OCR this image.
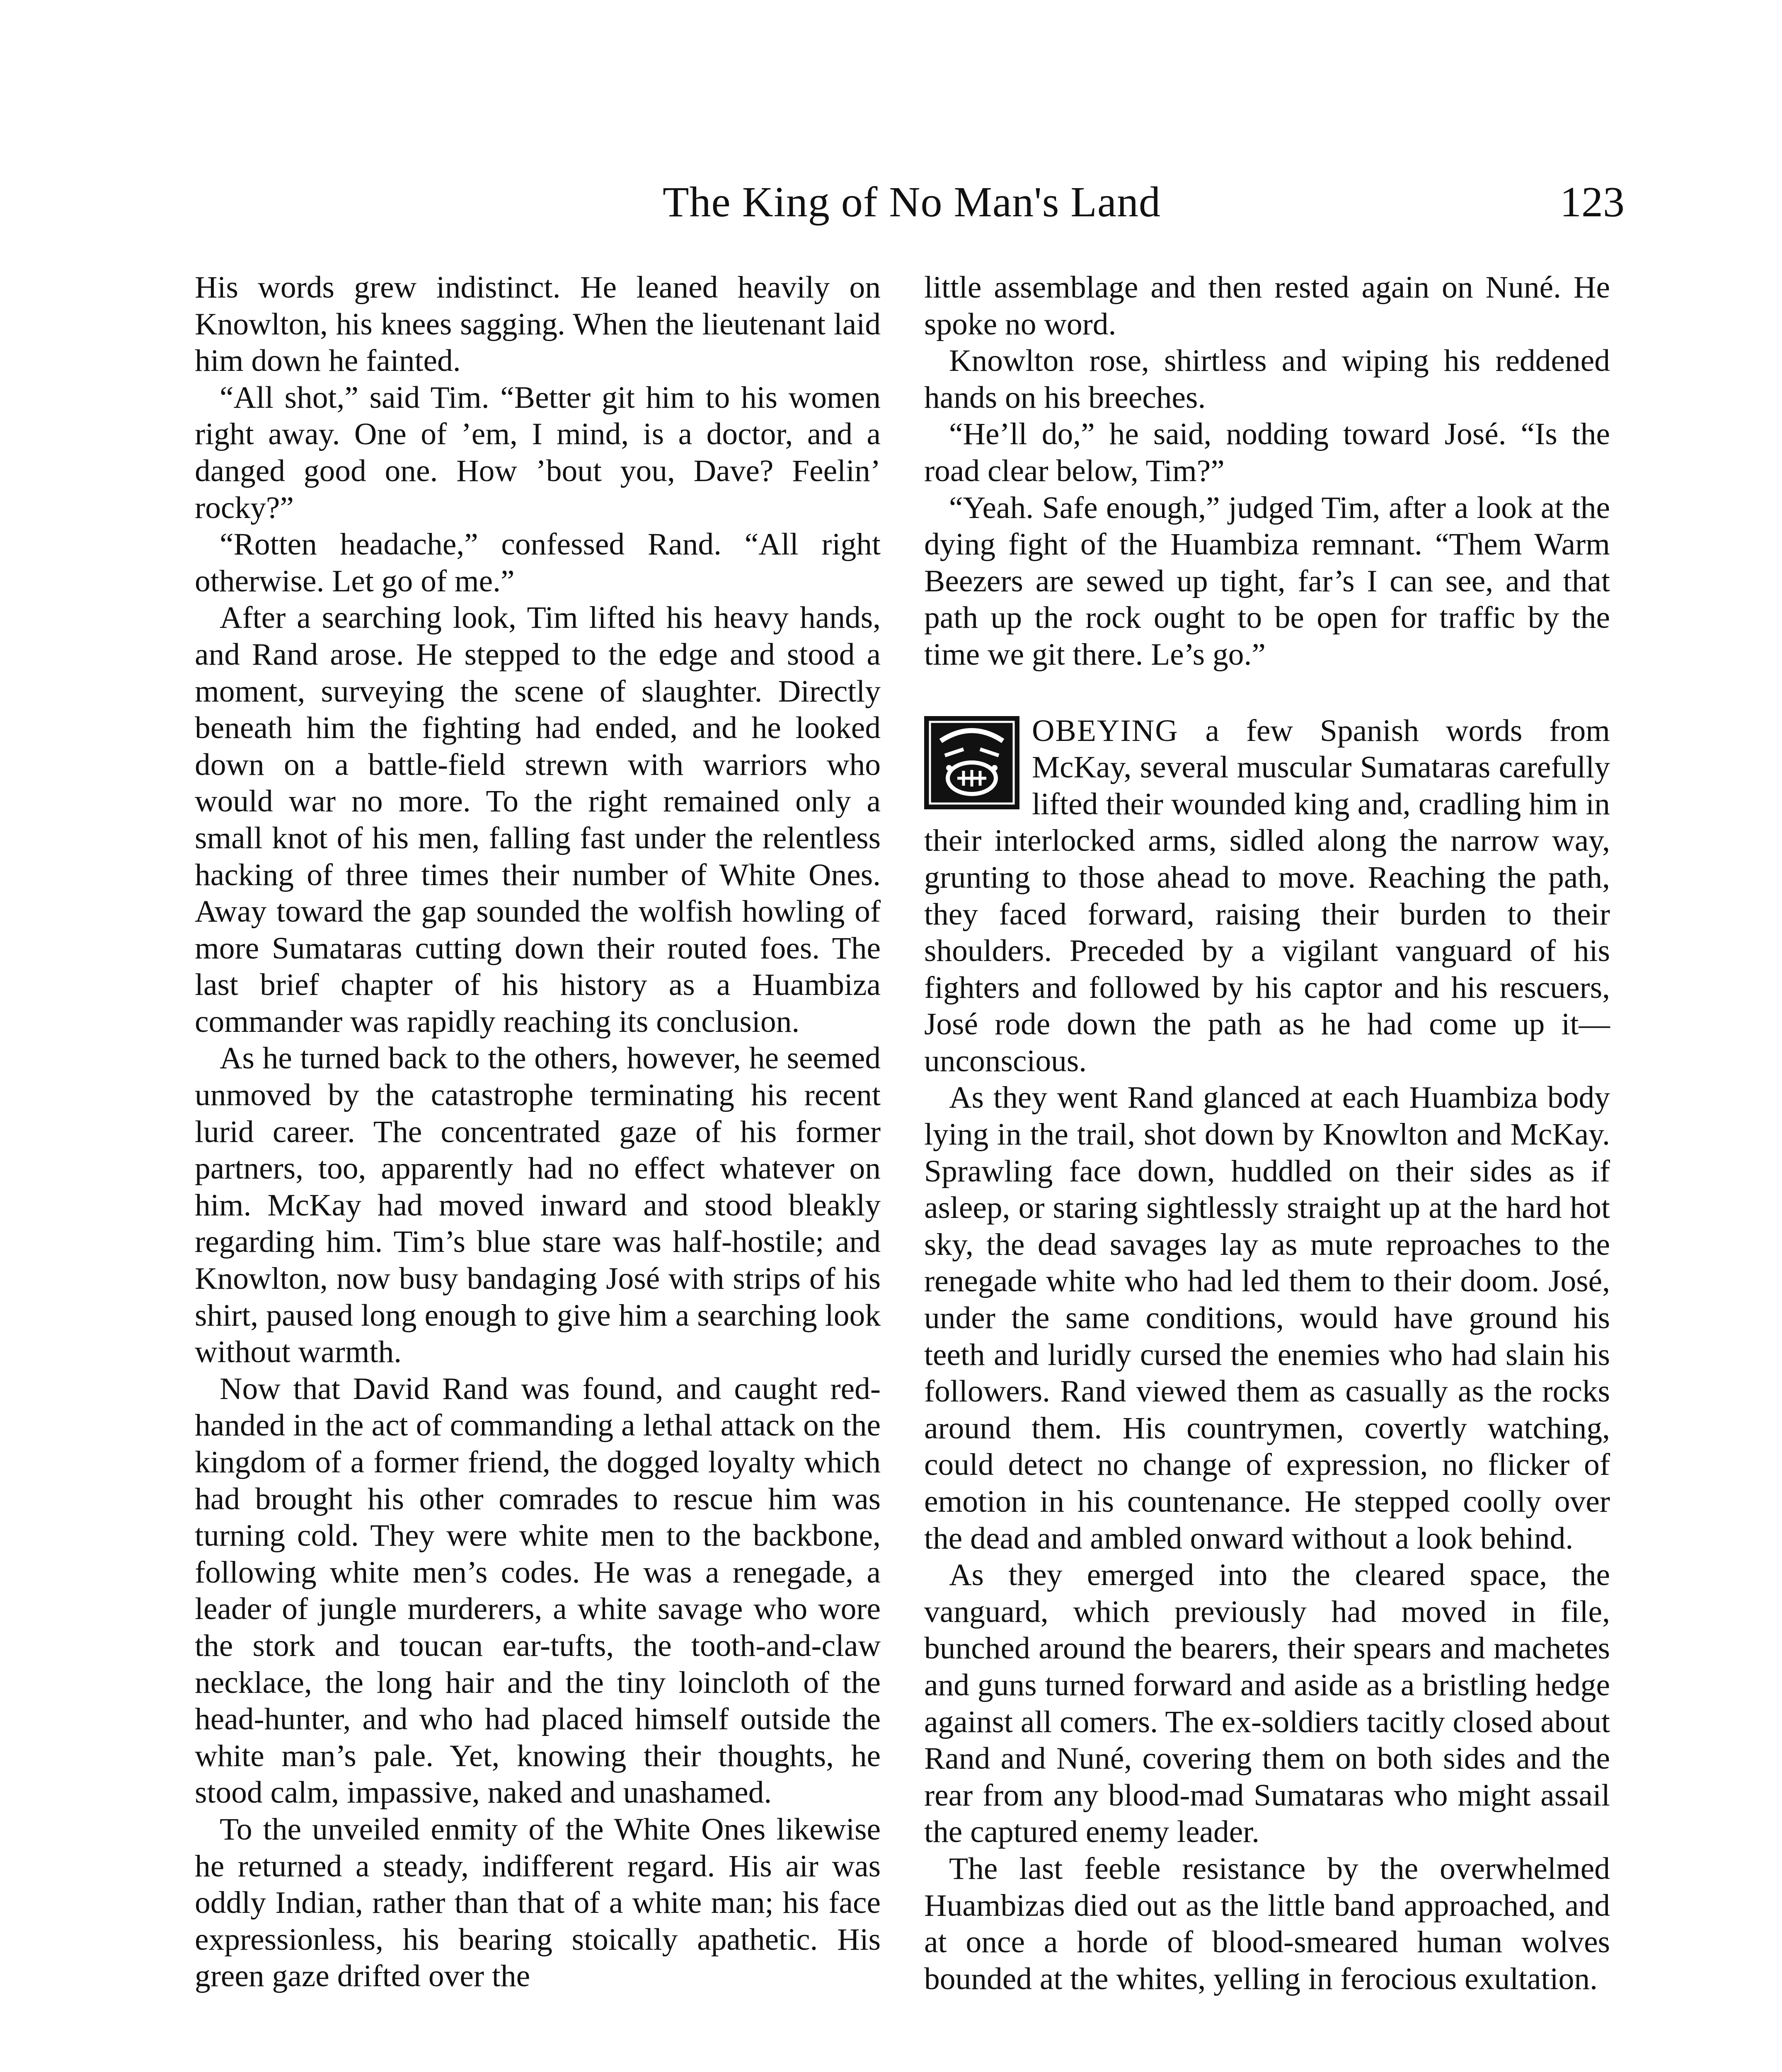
The King of No Man's Land	123

His words grew indistinct. He leaned heavily on Knowlton, his knees sagging. When the lieutenant laid him down he fainted.

“All shot,” said Tim. “Better git him to his women right away. One of ’em, I mind, is a doctor, and a danged good one. How ’bout you, Dave? Feelin’ rocky?”

“Rotten headache,” confessed Rand. “All right otherwise. Let go of me.”

After a searching look, Tim lifted his heavy hands, and Rand arose. He stepped to the edge and stood a moment, surveying the scene of slaughter. Directly beneath him the fighting had ended, and he looked down on a battle-field strewn with warriors who would war no more. To the right remained only a small knot of his men, falling fast under the relentless hacking of three times their number of White Ones. Away toward the gap sounded the wolfish howling of more Sumataras cutting down their routed foes. The last brief chapter of his history as a Huambiza commander was rapidly reaching its conclusion.

As he turned back to the others, however, he seemed unmoved by the catastrophe terminating his recent lurid career. The concentrated gaze of his former partners, too, apparently had no effect whatever on him. McKay had moved inward and stood bleakly regarding him. Tim’s blue stare was half-hostile; and Knowlton, now busy bandaging José with strips of his shirt, paused long enough to give him a searching look without warmth.

Now that David Rand was found, and caught red-handed in the act of commanding a lethal attack on the kingdom of a former friend, the dogged loyalty which had brought his other comrades to rescue him was turning cold. They were white men to the backbone, following white men’s codes. He was a renegade, a leader of jungle murderers, a white savage who wore the stork and toucan ear-tufts, the tooth-and-claw necklace, the long hair and the tiny loincloth of the head-hunter, and who had placed himself outside the white man’s pale. Yet, knowing their thoughts, he stood calm, impassive, naked and unashamed.

To the unveiled enmity of the White Ones likewise he returned a steady, indifferent regard. His air was oddly Indian, rather than that of a white man; his face expressionless, his bearing stoically apathetic. His green gaze drifted over the

little assemblage and then rested again on Nuné. He spoke no word.

Knowlton rose, shirtless and wiping his reddened hands on his breeches.

“He’ll do,” he said, nodding toward José. “Is the road clear below, Tim?”

“Yeah. Safe enough,” judged Tim, after a look at the dying fight of the Huambiza remnant. “Them Warm Beezers are sewed up tight, far’s I can see, and that path up the rock ought to be open for traffic by the time we git there. Le’s go.”

OBEYING a few Spanish words from McKay, several muscular Sumataras carefully lifted their wounded king and, cradling him in their interlocked arms, sidled along the narrow way, grunting to those ahead to move. Reaching the path, they faced forward, raising their burden to their shoulders. Preceded by a vigilant vanguard of his fighters and followed by his captor and his rescuers, José rode down the path as he had come up it—unconscious.

As they went Rand glanced at each Huambiza body lying in the trail, shot down by Knowlton and McKay. Sprawling face down, huddled on their sides as if asleep, or staring sightlessly straight up at the hard hot sky, the dead savages lay as mute reproaches to the renegade white who had led them to their doom. José, under the same conditions, would have ground his teeth and luridly cursed the enemies who had slain his followers. Rand viewed them as casually as the rocks around them. His countrymen, covertly watching, could detect no change of expression, no flicker of emotion in his countenance. He stepped coolly over the dead and ambled onward without a look behind.

As they emerged into the cleared space, the vanguard, which previously had moved in file, bunched around the bearers, their spears and machetes and guns turned forward and aside as a bristling hedge against all comers. The ex-soldiers tacitly closed about Rand and Nuné, covering them on both sides and the rear from any blood-mad Sumataras who might assail the captured enemy leader.

The last feeble resistance by the overwhelmed Huambizas died out as the little band approached, and at once a horde of blood-smeared human wolves bounded at the whites, yelling in ferocious exultation.
